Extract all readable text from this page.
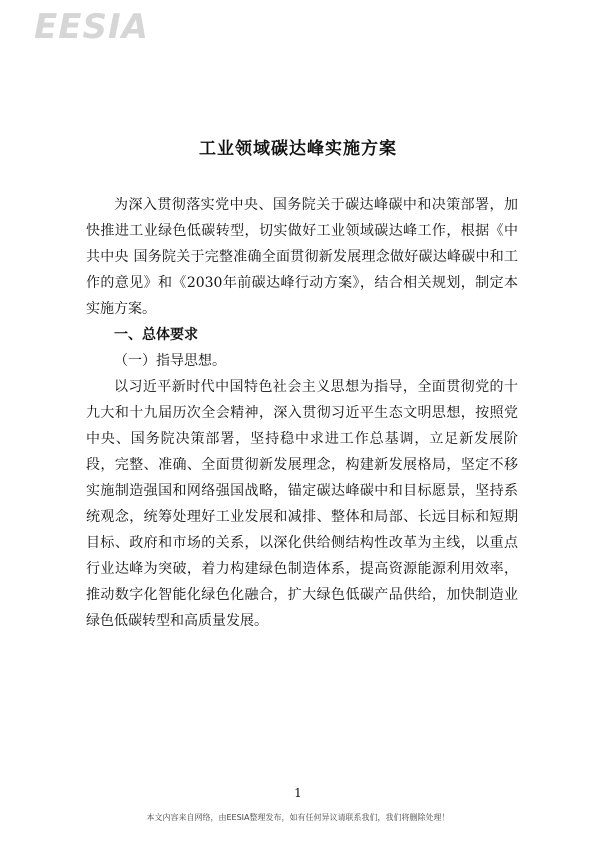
EESIA
工业领域碳达峰实施方案

为深入贯彻落实党中央、国务院关于碳达峰碳中和决策部署，加快推进工业绿色低碳转型，切实做好工业领域碳达峰工作，根据《中共中央 国务院关于完整准确全面贯彻新发展理念做好碳达峰碳中和工作的意见》和《2030年前碳达峰行动方案》，结合相关规划，制定本实施方案。

一、总体要求

（一）指导思想。

以习近平新时代中国特色社会主义思想为指导，全面贯彻党的十九大和十九届历次全会精神，深入贯彻习近平生态文明思想，按照党中央、国务院决策部署，坚持稳中求进工作总基调，立足新发展阶段，完整、准确、全面贯彻新发展理念，构建新发展格局，坚定不移实施制造强国和网络强国战略，锚定碳达峰碳中和目标愿景，坚持系统观念，统筹处理好工业发展和减排、整体和局部、长远目标和短期目标、政府和市场的关系，以深化供给侧结构性改革为主线，以重点行业达峰为突破，着力构建绿色制造体系，提高资源能源利用效率，推动数字化智能化绿色化融合，扩大绿色低碳产品供给，加快制造业绿色低碳转型和高质量发展。

1
本文内容来自网络，由EESIA整理发布，如有任何异议请联系我们，我们将删除处理！
